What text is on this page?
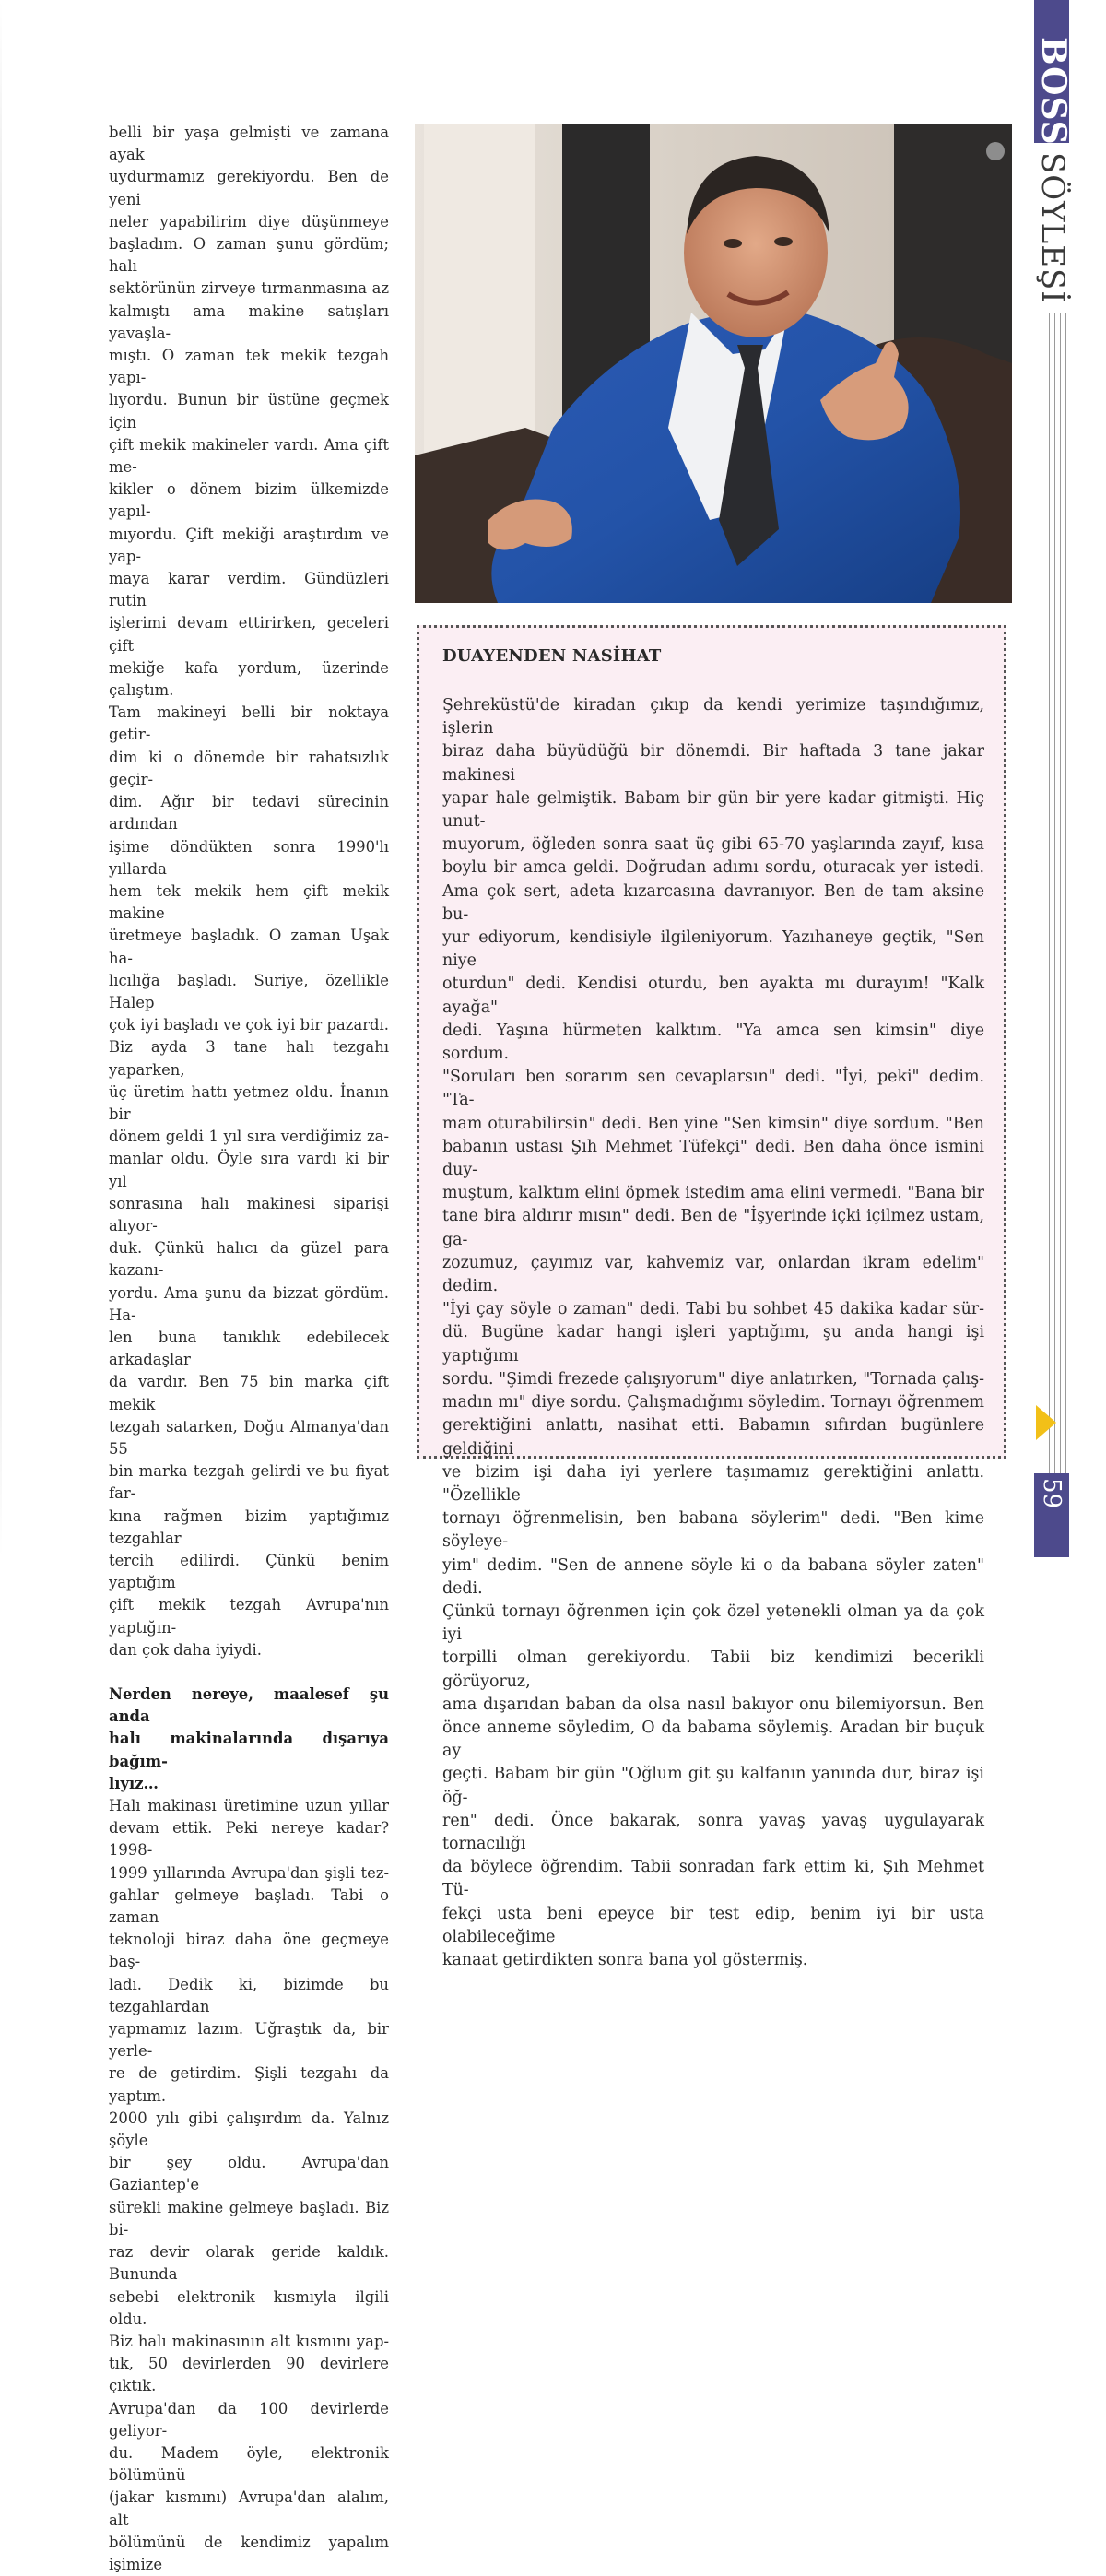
belli bir yaşa gelmişti ve zamana ayak
uydurmamız gerekiyordu. Ben de yeni
neler yapabilirim diye düşünmeye
başladım. O zaman şunu gördüm; halı
sektörünün zirveye tırmanmasına az
kalmıştı ama makine satışları yavaşla-
mıştı. O zaman tek mekik tezgah yapı-
lıyordu. Bunun bir üstüne geçmek için
çift mekik makineler vardı. Ama çift me-
kikler o dönem bizim ülkemizde yapıl-
mıyordu. Çift mekiği araştırdım ve yap-
maya karar verdim. Gündüzleri rutin
işlerimi devam ettirirken, geceleri çift
mekiğe kafa yordum, üzerinde çalıştım.
Tam makineyi belli bir noktaya getir-
dim ki o dönemde bir rahatsızlık geçir-
dim. Ağır bir tedavi sürecinin ardından
işime döndükten sonra 1990'lı yıllarda
hem tek mekik hem çift mekik makine
üretmeye başladık. O zaman Uşak ha-
lıcılığa başladı. Suriye, özellikle Halep
çok iyi başladı ve çok iyi bir pazardı.
Biz ayda 3 tane halı tezgahı yaparken,
üç üretim hattı yetmez oldu. İnanın bir
dönem geldi 1 yıl sıra verdiğimiz za-
manlar oldu. Öyle sıra vardı ki bir yıl
sonrasına halı makinesi siparişi alıyor-
duk. Çünkü halıcı da güzel para kazanı-
yordu. Ama şunu da bizzat gördüm. Ha-
len buna tanıklık edebilecek arkadaşlar
da vardır. Ben 75 bin marka çift mekik
tezgah satarken, Doğu Almanya'dan 55
bin marka tezgah gelirdi ve bu fiyat far-
kına rağmen bizim yaptığımız tezgahlar
tercih edilirdi. Çünkü benim yaptığım
çift mekik tezgah Avrupa'nın yaptığın-
dan çok daha iyiydi.
Nerden nereye, maalesef şu anda
halı makinalarında dışarıya bağım-
lıyız…
Halı makinası üretimine uzun yıllar
devam ettik. Peki nereye kadar? 1998-
1999 yıllarında Avrupa'dan şişli tez-
gahlar gelmeye başladı. Tabi o zaman
teknoloji biraz daha öne geçmeye baş-
ladı. Dedik ki, bizimde bu tezgahlardan
yapmamız lazım. Uğraştık da, bir yerle-
re de getirdim. Şişli tezgahı da yaptım.
2000 yılı gibi çalışırdım da. Yalnız şöyle
bir şey oldu. Avrupa'dan Gaziantep'e
sürekli makine gelmeye başladı. Biz bi-
raz devir olarak geride kaldık. Bununda
sebebi elektronik kısmıyla ilgili oldu.
Biz halı makinasının alt kısmını yap-
tık, 50 devirlerden 90 devirlere çıktık.
Avrupa'dan da 100 devirlerde geliyor-
du. Madem öyle, elektronik bölümünü
(jakar kısmını) Avrupa'dan alalım, alt
bölümünü de kendimiz yapalım işimize
DUAYENDEN NASİHAT
Şehreküstü'de kiradan çıkıp da kendi yerimize taşındığımız, işlerin
biraz daha büyüdüğü bir dönemdi. Bir haftada 3 tane jakar makinesi
yapar hale gelmiştik. Babam bir gün bir yere kadar gitmişti. Hiç unut-
muyorum, öğleden sonra saat üç gibi 65-70 yaşlarında zayıf, kısa
boylu bir amca geldi. Doğrudan adımı sordu, oturacak yer istedi.
Ama çok sert, adeta kızarcasına davranıyor. Ben de tam aksine bu-
yur ediyorum, kendisiyle ilgileniyorum. Yazıhaneye geçtik, "Sen niye
oturdun" dedi. Kendisi oturdu, ben ayakta mı durayım! "Kalk ayağa"
dedi. Yaşına hürmeten kalktım. "Ya amca sen kimsin" diye sordum.
"Soruları ben sorarım sen cevaplarsın" dedi. "İyi, peki" dedim. "Ta-
mam oturabilirsin" dedi. Ben yine "Sen kimsin" diye sordum. "Ben
babanın ustası Şıh Mehmet Tüfekçi" dedi. Ben daha önce ismini duy-
muştum, kalktım elini öpmek istedim ama elini vermedi. "Bana bir
tane bira aldırır mısın" dedi. Ben de "İşyerinde içki içilmez ustam, ga-
zozumuz, çayımız var, kahvemiz var, onlardan ikram edelim" dedim.
"İyi çay söyle o zaman" dedi. Tabi bu sohbet 45 dakika kadar sür-
dü. Bugüne kadar hangi işleri yaptığımı, şu anda hangi işi yaptığımı
sordu. "Şimdi frezede çalışıyorum" diye anlatırken, "Tornada çalış-
madın mı" diye sordu. Çalışmadığımı söyledim. Tornayı öğrenmem
gerektiğini anlattı, nasihat etti. Babamın sıfırdan bugünlere geldiğini
ve bizim işi daha iyi yerlere taşımamız gerektiğini anlattı. "Özellikle
tornayı öğrenmelisin, ben babana söylerim" dedi. "Ben kime söyleye-
yim" dedim. "Sen de annene söyle ki o da babana söyler zaten" dedi.
Çünkü tornayı öğrenmen için çok özel yetenekli olman ya da çok iyi
torpilli olman gerekiyordu. Tabii biz kendimizi becerikli görüyoruz,
ama dışarıdan baban da olsa nasıl bakıyor onu bilemiyorsun. Ben
önce anneme söyledim, O da babama söylemiş. Aradan bir buçuk ay
geçti. Babam bir gün "Oğlum git şu kalfanın yanında dur, biraz işi öğ-
ren" dedi. Önce bakarak, sonra yavaş yavaş uygulayarak tornacılığı
da böylece öğrendim. Tabii sonradan fark ettim ki, Şıh Mehmet Tü-
fekçi usta beni epeyce bir test edip, benim iyi bir usta olabileceğime
kanaat getirdikten sonra bana yol göstermiş.
BOSS
SÖYLEŞİ
59
